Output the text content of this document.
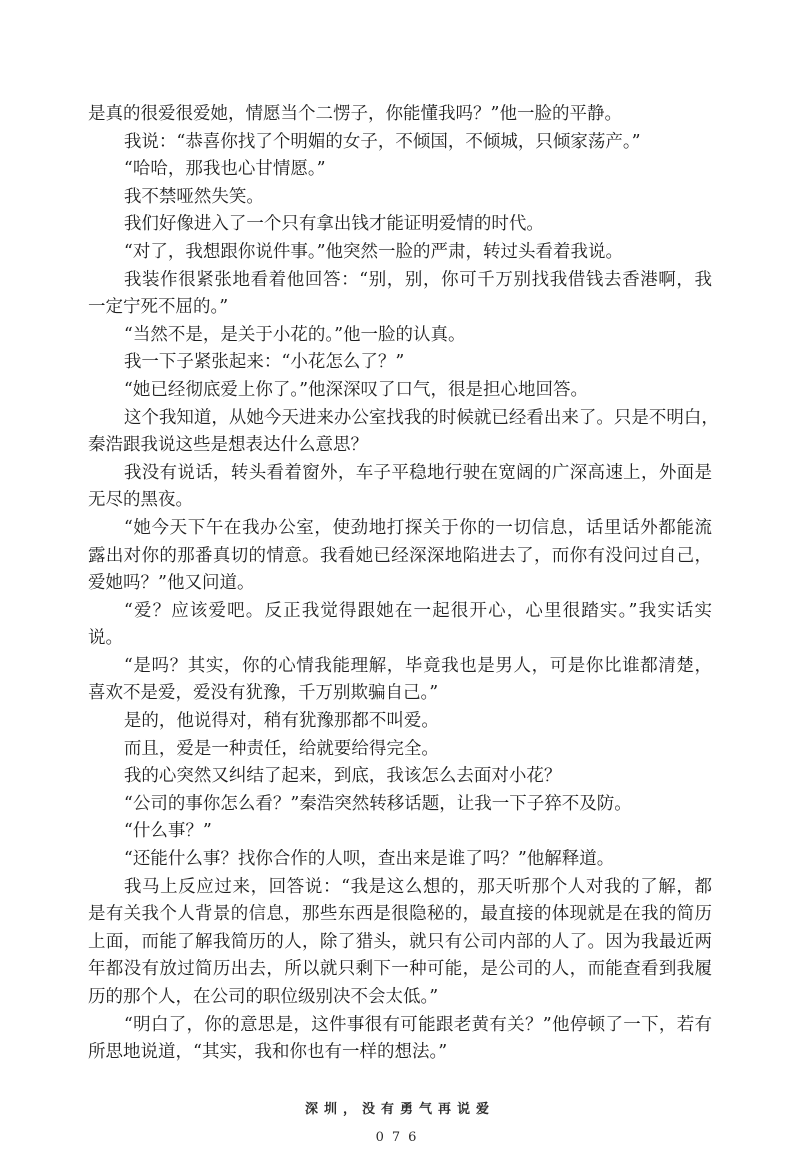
是真的很爱很爱她，情愿当个二愣子，你能懂我吗？”他一脸的平静。
我说：“恭喜你找了个明媚的女子，不倾国，不倾城，只倾家荡产。”
“哈哈，那我也心甘情愿。”
我不禁哑然失笑。
我们好像进入了一个只有拿出钱才能证明爱情的时代。
“对了，我想跟你说件事。”他突然一脸的严肃，转过头看着我说。
我装作很紧张地看着他回答：“别，别，你可千万别找我借钱去香港啊，我
一定宁死不屈的。”
“当然不是，是关于小花的。”他一脸的认真。
我一下子紧张起来：“小花怎么了？”
“她已经彻底爱上你了。”他深深叹了口气，很是担心地回答。
这个我知道，从她今天进来办公室找我的时候就已经看出来了。只是不明白，
秦浩跟我说这些是想表达什么意思？
我没有说话，转头看着窗外，车子平稳地行驶在宽阔的广深高速上，外面是
无尽的黑夜。
“她今天下午在我办公室，使劲地打探关于你的一切信息，话里话外都能流
露出对你的那番真切的情意。我看她已经深深地陷进去了，而你有没问过自己，
爱她吗？”他又问道。
“爱？应该爱吧。反正我觉得跟她在一起很开心，心里很踏实。”我实话实
说。
“是吗？其实，你的心情我能理解，毕竟我也是男人，可是你比谁都清楚，
喜欢不是爱，爱没有犹豫，千万别欺骗自己。”
是的，他说得对，稍有犹豫那都不叫爱。
而且，爱是一种责任，给就要给得完全。
我的心突然又纠结了起来，到底，我该怎么去面对小花？
“公司的事你怎么看？”秦浩突然转移话题，让我一下子猝不及防。
“什么事？”
“还能什么事？找你合作的人呗，查出来是谁了吗？”他解释道。
我马上反应过来，回答说：“我是这么想的，那天听那个人对我的了解，都
是有关我个人背景的信息，那些东西是很隐秘的，最直接的体现就是在我的简历
上面，而能了解我简历的人，除了猎头，就只有公司内部的人了。因为我最近两
年都没有放过简历出去，所以就只剩下一种可能，是公司的人，而能查看到我履
历的那个人，在公司的职位级别决不会太低。”
“明白了，你的意思是，这件事很有可能跟老黄有关？”他停顿了一下，若有
所思地说道，“其实，我和你也有一样的想法。”
深圳，没有勇气再说爱
076
